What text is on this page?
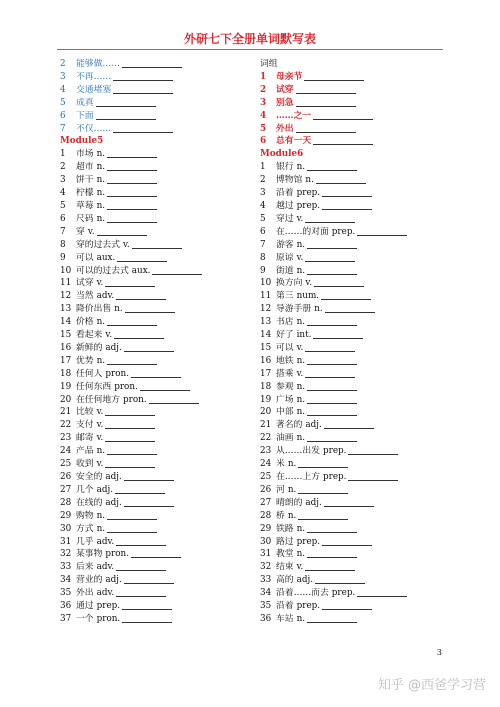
外研七下全册单词默写表
2	能够做……
3	不再……
4	交通堵塞
5	成真
6	下面
7	不仅……
Module5
1	市场 n.
2	超市 n.
3	饼干 n.
4	柠檬 n.
5	草莓 n.
6	尺码 n.
7	穿 v.
8	穿的过去式 v.
9	可以 aux.
10 可以的过去式 aux.
11 试穿 v.
12 当然 adv.
13 降价出售 n.
14 价格 n.
15 看起来 v.
16 新鲜的 adj.
17 优势 n.
18 任何人 pron.
19 任何东西 pron.
20 在任何地方 pron.
21 比较 v.
22 支付 v.
23 邮寄 v.
24 产品 n.
25 收到 v.
26 安全的 adj.
27 几个 adj.
28 在线的 adj.
29 购物 n.
30 方式 n.
31 几乎 adv.
32 某事物 pron.
33 后来 adv.
34 营业的 adj.
35 外出 adv.
36 通过 prep.
37 一个 pron.
词组
1	母亲节
2	试穿
3	别急
4	……之一
5	外出
6	总有一天
Module6
1	银行 n.
2	博物馆 n.
3	沿着 prep.
4	越过 prep.
5	穿过 v.
6	在……的对面 prep.
7	游客 n.
8	原谅 v.
9	街道 n.
10 换方向 v.
11 第三 num.
12 导游手册 n.
13 书店 n.
14 好了 int.
15 可以 v.
16 地铁 n.
17 搭乘 v.
18 参观 n.
19 广场 n.
20 中部 n.
21 著名的 adj.
22 油画 n.
23 从……出发 prep.
24 米 n.
25 在……上方 prep.
26 河 n.
27 晴朗的 adj.
28 桥 n.
29 铁路 n.
30 路过 prep.
31 教堂 n.
32 结束 v.
33 高的 adj.
34 沿着……而去 prep.
35 沿着 prep.
36 车站 n.
3
知乎 @西爸学习营
